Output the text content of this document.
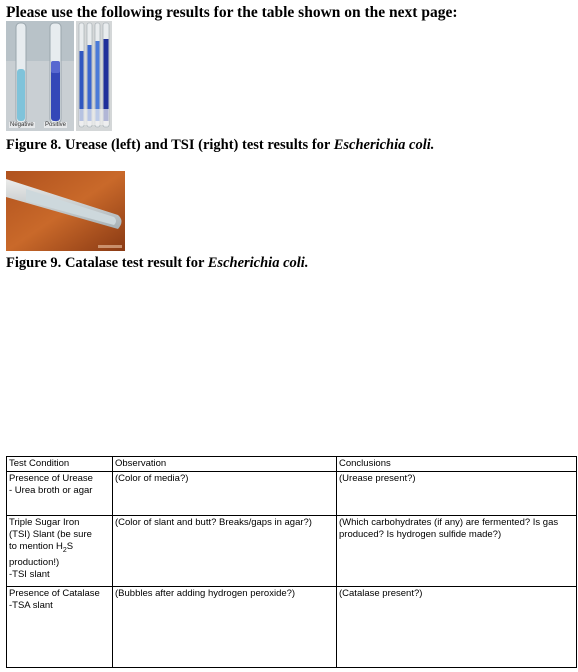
Please use the following results for the table shown on the next page:
Negative Positive
Figure 8. Urease (left) and TSI (right) test results for Escherichia coli.
Figure 9. Catalase test result for Escherichia coli.
Test Condition	Observation	Conclusions

Presence of Urease
- Urea broth or agar	(Color of media?)	(Urease present?)

Triple Sugar Iron
(TSI) Slant (be sure
to mention $H_2S$
production!)
-TSI slant	(Color of slant and butt? Breaks/gaps in agar?)	(Which carbohydrates (if any) are fermented? Is gas produced? Is hydrogen sulfide made?)

Presence of Catalase
-TSA slant	(Bubbles after adding hydrogen peroxide?)	(Catalase present?)
